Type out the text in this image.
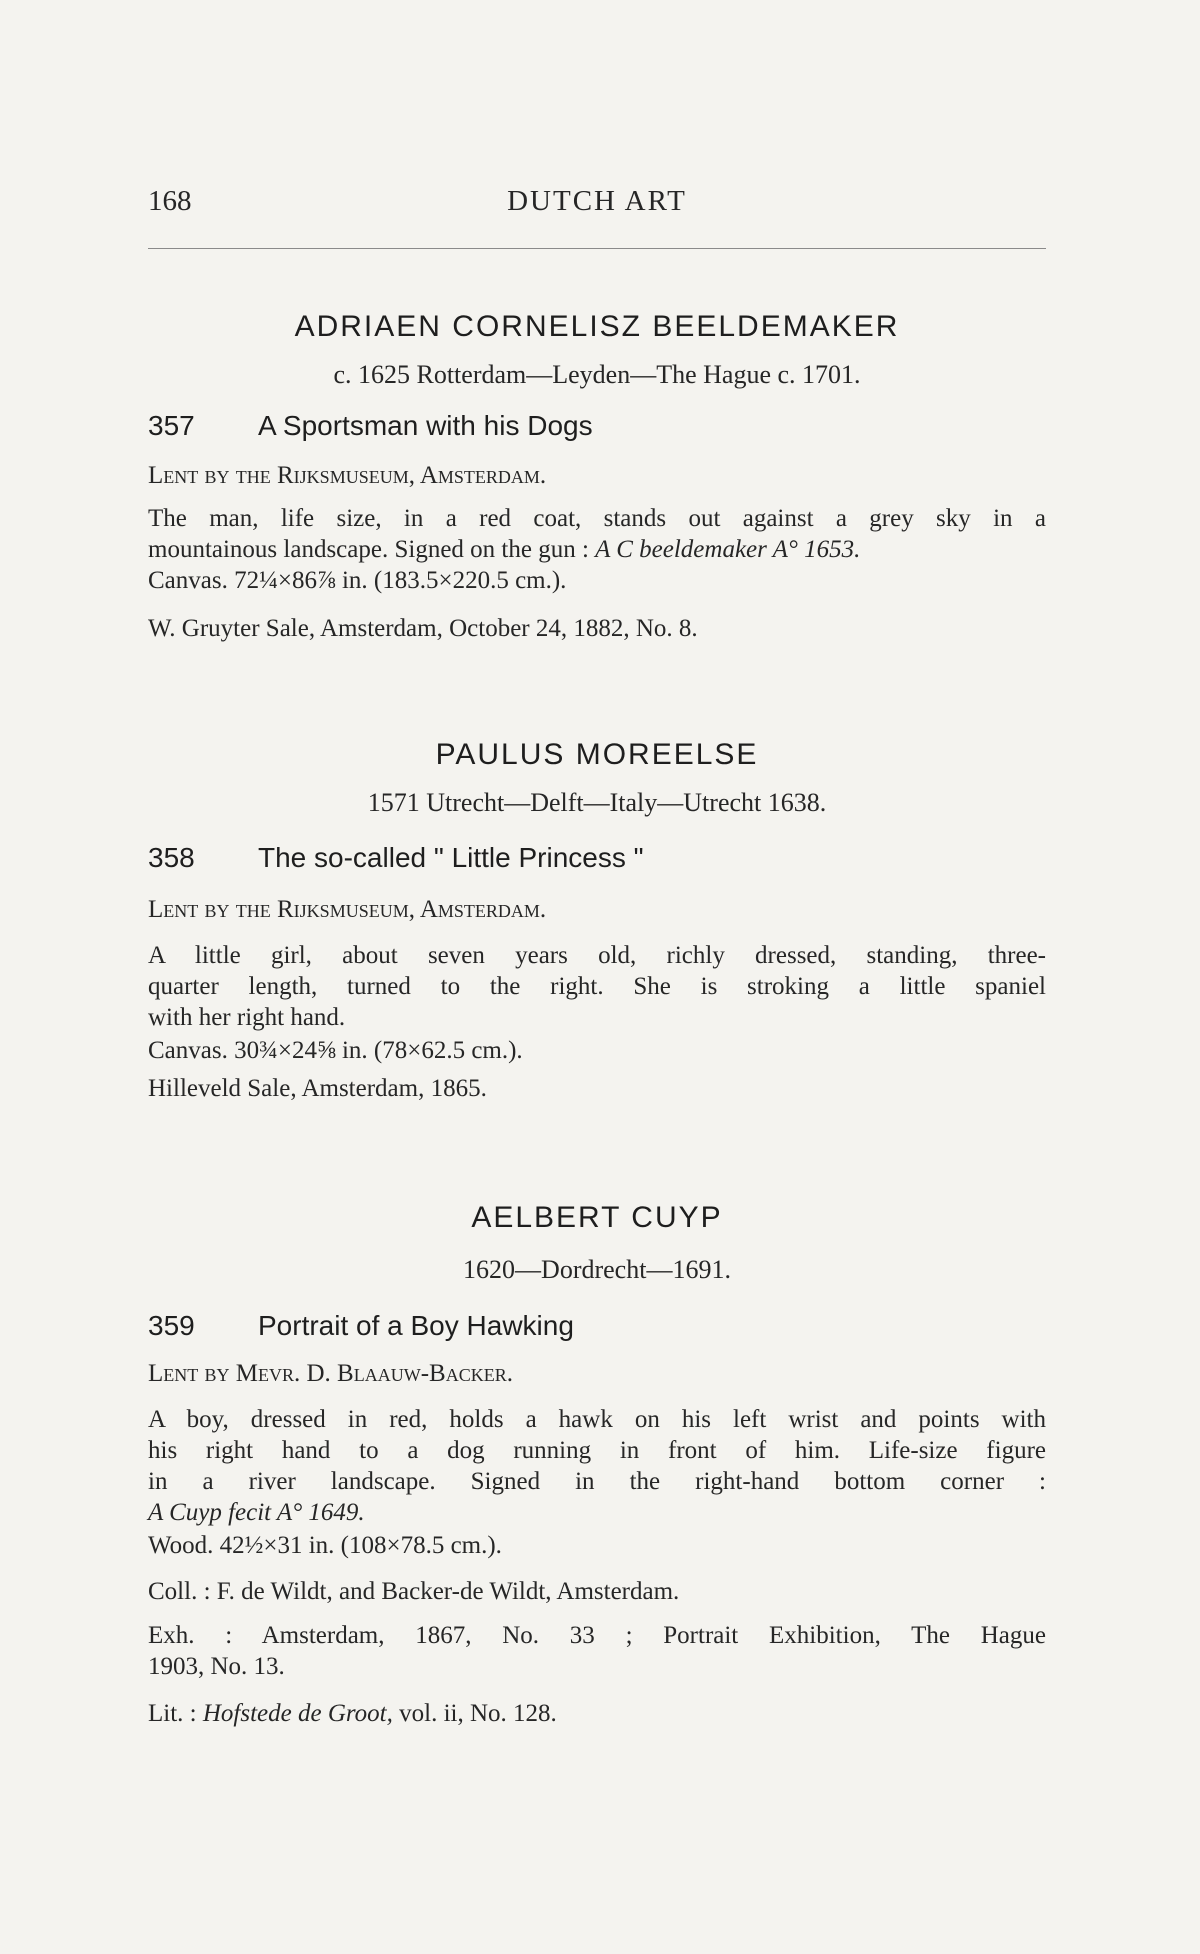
168	DUTCH ART
ADRIAEN CORNELISZ BEELDEMAKER
c. 1625 Rotterdam—Leyden—The Hague c. 1701.
357 A Sportsman with his Dogs
Lent by the Rijksmuseum, Amsterdam.
The man, life size, in a red coat, stands out against a grey sky in a
mountainous landscape. Signed on the gun : A C beeldemaker A° 1653.
Canvas. 72¼×86⅞ in. (183.5×220.5 cm.).
W. Gruyter Sale, Amsterdam, October 24, 1882, No. 8.
PAULUS MOREELSE
1571 Utrecht—Delft—Italy—Utrecht 1638.
358 The so-called " Little Princess "
Lent by the Rijksmuseum, Amsterdam.
A little girl, about seven years old, richly dressed, standing, three-
quarter length, turned to the right. She is stroking a little spaniel
with her right hand.
Canvas. 30¾×24⅝ in. (78×62.5 cm.).
Hilleveld Sale, Amsterdam, 1865.
AELBERT CUYP
1620—Dordrecht—1691.
359 Portrait of a Boy Hawking
Lent by Mevr. D. Blaauw-Backer.
A boy, dressed in red, holds a hawk on his left wrist and points with
his right hand to a dog running in front of him. Life-size figure
in a river landscape. Signed in the right-hand bottom corner :
A Cuyp fecit A° 1649.
Wood. 42½×31 in. (108×78.5 cm.).
Coll. : F. de Wildt, and Backer-de Wildt, Amsterdam.
Exh. : Amsterdam, 1867, No. 33 ; Portrait Exhibition, The Hague
1903, No. 13.
Lit. : Hofstede de Groot, vol. ii, No. 128.
